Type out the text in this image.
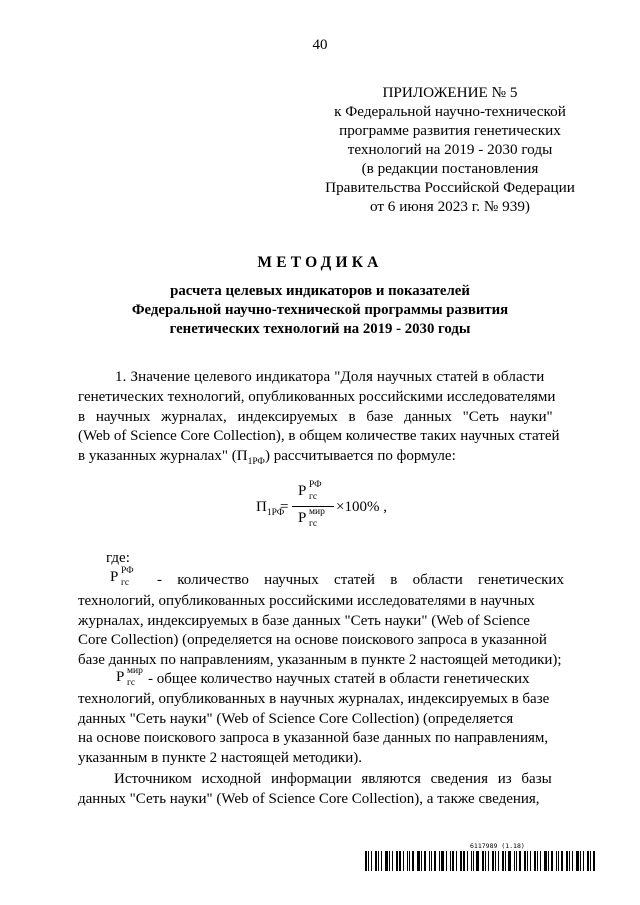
40
ПРИЛОЖЕНИЕ № 5
к Федеральной научно-технической
программе развития генетических
технологий на 2019 - 2030 годы
(в редакции постановления
Правительства Российской Федерации
от 6 июня 2023 г. № 939)
МЕТОДИКА
расчета целевых индикаторов и показателей
Федеральной научно-технической программы развития
генетических технологий на 2019 - 2030 годы
1. Значение целевого индикатора "Доля научных статей в области
генетических технологий, опубликованных российскими исследователями
в научных журналах, индексируемых в базе данных "Сеть науки"
(Web of Science Core Collection), в общем количестве таких научных статей
в указанных журналах" $(П_{1РФ})$ рассчитывается по формуле:
$П_{1РФ}$
=
Р РФ
гс
Р мир
гс
×100% ,
где:
Р РФ
гс - количество научных статей в области генетических
технологий, опубликованных российскими исследователями в научных
журналах, индексируемых в базе данных "Сеть науки" (Web of Science
Core Collection) (определяется на основе поискового запроса в указанной
базе данных по направлениям, указанным в пункте 2 настоящей методики);
Р мир
гс - общее количество научных статей в области генетических
технологий, опубликованных в научных журналах, индексируемых в базе
данных "Сеть науки" (Web of Science Core Collection) (определяется
на основе поискового запроса в указанной базе данных по направлениям,
указанным в пункте 2 настоящей методики).
Источником исходной информации являются сведения из базы
данных "Сеть науки" (Web of Science Core Collection), а также сведения,
6117989 (1.18)
